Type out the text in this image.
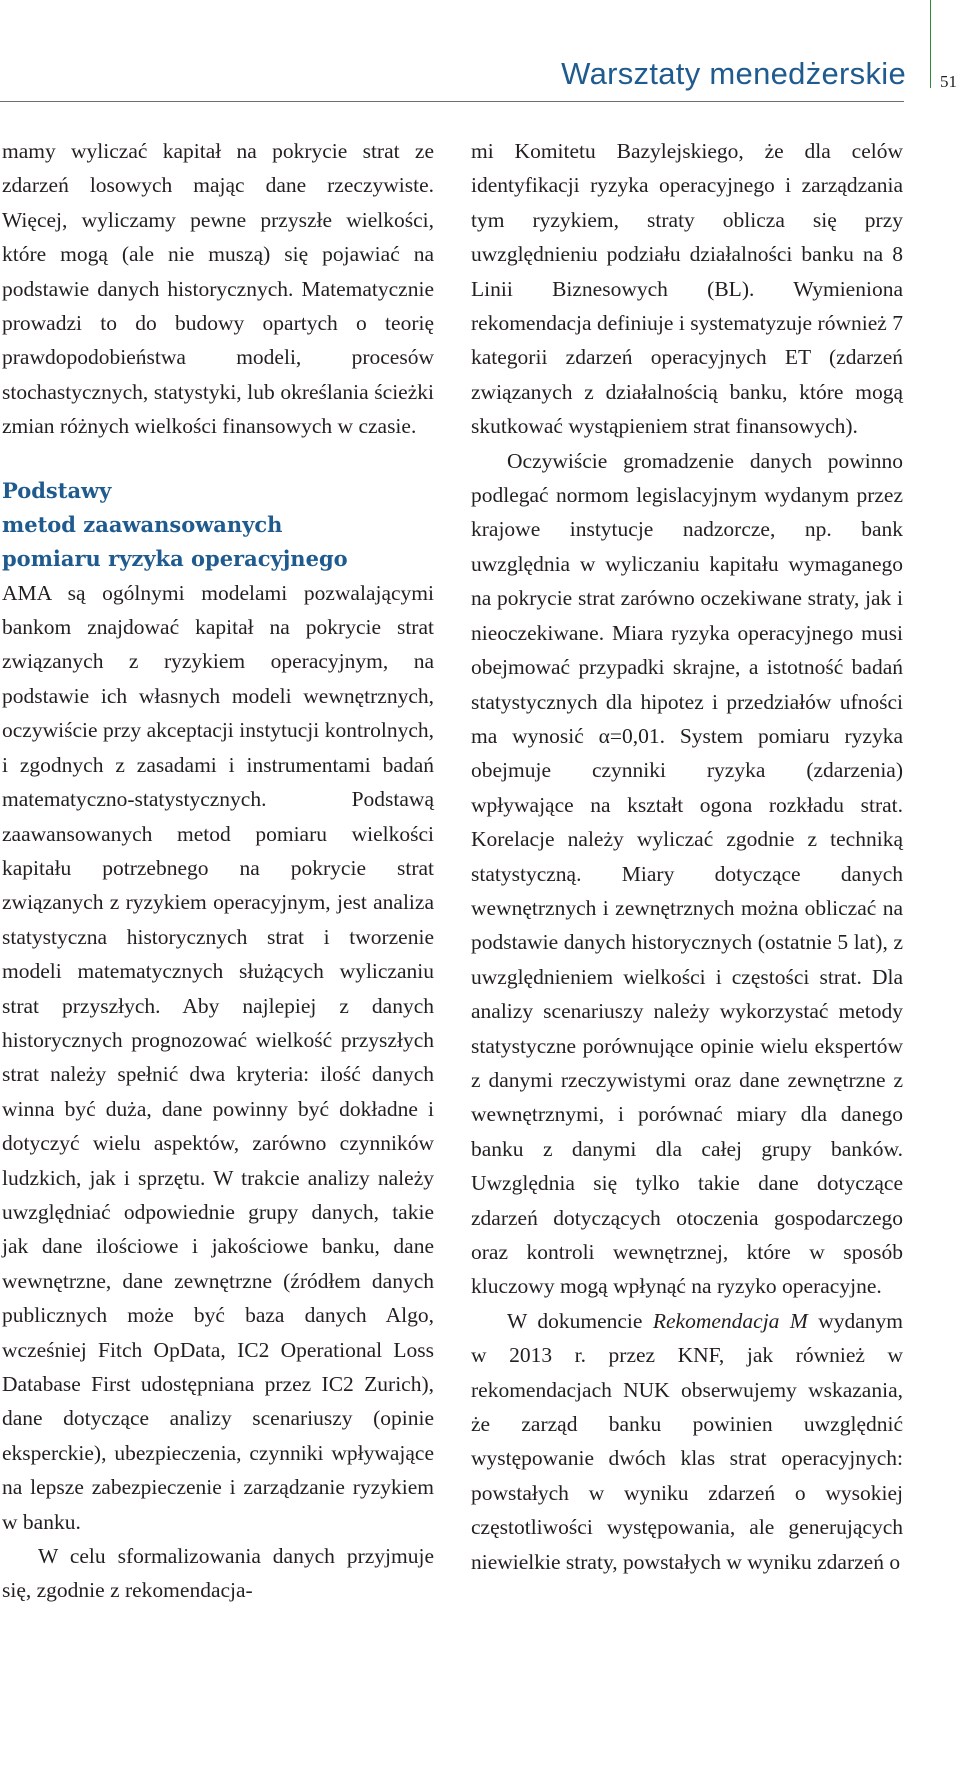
Warsztaty menedżerskie 51

mamy wyliczać kapitał na pokrycie strat ze zdarzeń losowych mając dane rzeczywiste. Więcej, wyliczamy pewne przyszłe wielkości, które mogą (ale nie muszą) się pojawiać na podstawie danych historycznych. Matematycznie prowadzi to do budowy opartych o teorię prawdopodobieństwa modeli, procesów stochastycznych, statystyki, lub określania ścieżki zmian różnych wielkości finansowych w czasie.

Podstawy
metod zaawansowanych
pomiaru ryzyka operacyjnego

AMA są ogólnymi modelami pozwalającymi bankom znajdować kapitał na pokrycie strat związanych z ryzykiem operacyjnym, na podstawie ich własnych modeli wewnętrznych, oczywiście przy akceptacji instytucji kontrolnych, i zgodnych z zasadami i instrumentami badań matematyczno-statystycznych. Podstawą zaawansowanych metod pomiaru wielkości kapitału potrzebnego na pokrycie strat związanych z ryzykiem operacyjnym, jest analiza statystyczna historycznych strat i tworzenie modeli matematycznych służących wyliczaniu strat przyszłych. Aby najlepiej z danych historycznych prognozować wielkość przyszłych strat należy spełnić dwa kryteria: ilość danych winna być duża, dane powinny być dokładne i dotyczyć wielu aspektów, zarówno czynników ludzkich, jak i sprzętu. W trakcie analizy należy uwzględniać odpowiednie grupy danych, takie jak dane ilościowe i jakościowe banku, dane wewnętrzne, dane zewnętrzne (źródłem danych publicznych może być baza danych Algo, wcześniej Fitch OpData, IC2 Operational Loss Database First udostępniana przez IC2 Zurich), dane dotyczące analizy scenariuszy (opinie eksperckie), ubezpieczenia, czynniki wpływające na lepsze zabezpieczenie i zarządzanie ryzykiem w banku.

W celu sformalizowania danych przyjmuje się, zgodnie z rekomendacja-

mi Komitetu Bazylejskiego, że dla celów identyfikacji ryzyka operacyjnego i zarządzania tym ryzykiem, straty oblicza się przy uwzględnieniu podziału działalności banku na 8 Linii Biznesowych (BL). Wymieniona rekomendacja definiuje i systematyzuje również 7 kategorii zdarzeń operacyjnych ET (zdarzeń związanych z działalnością banku, które mogą skutkować wystąpieniem strat finansowych).

Oczywiście gromadzenie danych powinno podlegać normom legislacyjnym wydanym przez krajowe instytucje nadzorcze, np. bank uwzględnia w wyliczaniu kapitału wymaganego na pokrycie strat zarówno oczekiwane straty, jak i nieoczekiwane. Miara ryzyka operacyjnego musi obejmować przypadki skrajne, a istotność badań statystycznych dla hipotez i przedziałów ufności ma wynosić α=0,01. System pomiaru ryzyka obejmuje czynniki ryzyka (zdarzenia) wpływające na kształt ogona rozkładu strat. Korelacje należy wyliczać zgodnie z techniką statystyczną. Miary dotyczące danych wewnętrznych i zewnętrznych można obliczać na podstawie danych historycznych (ostatnie 5 lat), z uwzględnieniem wielkości i częstości strat. Dla analizy scenariuszy należy wykorzystać metody statystyczne porównujące opinie wielu ekspertów z danymi rzeczywistymi oraz dane zewnętrzne z wewnętrznymi, i porównać miary dla danego banku z danymi dla całej grupy banków. Uwzględnia się tylko takie dane dotyczące zdarzeń dotyczących otoczenia gospodarczego oraz kontroli wewnętrznej, które w sposób kluczowy mogą wpłynąć na ryzyko operacyjne.

W dokumencie Rekomendacja M wydanym w 2013 r. przez KNF, jak również w rekomendacjach NUK obserwujemy wskazania, że zarząd banku powinien uwzględnić występowanie dwóch klas strat operacyjnych: powstałych w wyniku zdarzeń o wysokiej częstotliwości występowania, ale generujących niewielkie straty, powstałych w wyniku zdarzeń o
